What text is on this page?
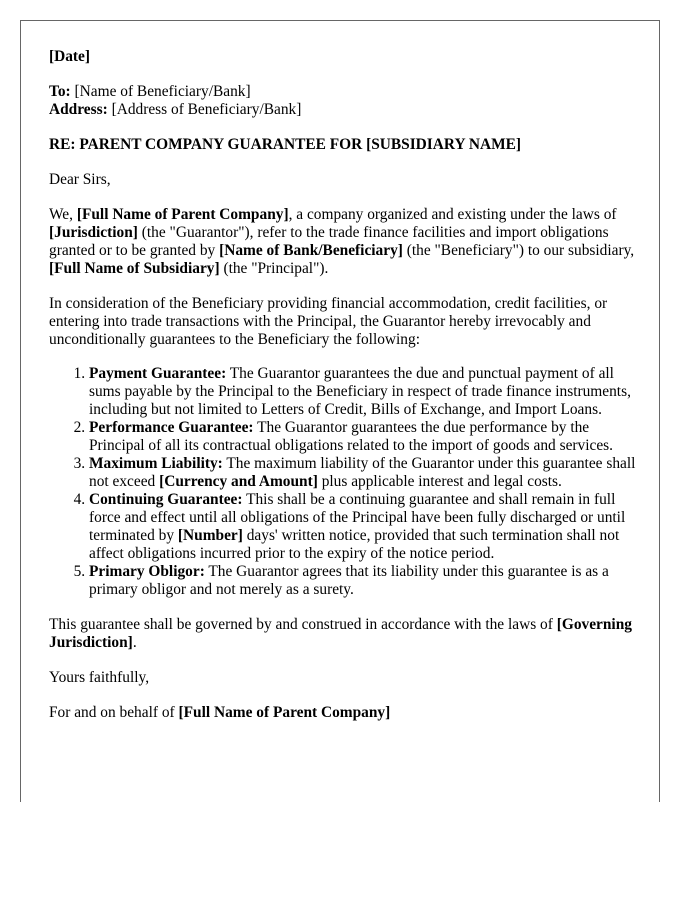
[Date]

To: [Name of Beneficiary/Bank]

Address: [Address of Beneficiary/Bank]

RE: PARENT COMPANY GUARANTEE FOR [SUBSIDIARY NAME]

Dear Sirs,

We, [Full Name of Parent Company], a company organized and existing under the laws of [Jurisdiction] (the "Guarantor"), refer to the trade finance facilities and import obligations granted or to be granted by [Name of Bank/Beneficiary] (the "Beneficiary") to our subsidiary, [Full Name of Subsidiary] (the "Principal").

In consideration of the Beneficiary providing financial accommodation, credit facilities, or entering into trade transactions with the Principal, the Guarantor hereby irrevocably and unconditionally guarantees to the Beneficiary the following:

1. Payment Guarantee: The Guarantor guarantees the due and punctual payment of all sums payable by the Principal to the Beneficiary in respect of trade finance instruments, including but not limited to Letters of Credit, Bills of Exchange, and Import Loans.
2. Performance Guarantee: The Guarantor guarantees the due performance by the Principal of all its contractual obligations related to the import of goods and services.
3. Maximum Liability: The maximum liability of the Guarantor under this guarantee shall not exceed [Currency and Amount] plus applicable interest and legal costs.
4. Continuing Guarantee: This shall be a continuing guarantee and shall remain in full force and effect until all obligations of the Principal have been fully discharged or until terminated by [Number] days' written notice, provided that such termination shall not affect obligations incurred prior to the expiry of the notice period.
5. Primary Obligor: The Guarantor agrees that its liability under this guarantee is as a primary obligor and not merely as a surety.

This guarantee shall be governed by and construed in accordance with the laws of [Governing Jurisdiction].

Yours faithfully,

For and on behalf of [Full Name of Parent Company]
